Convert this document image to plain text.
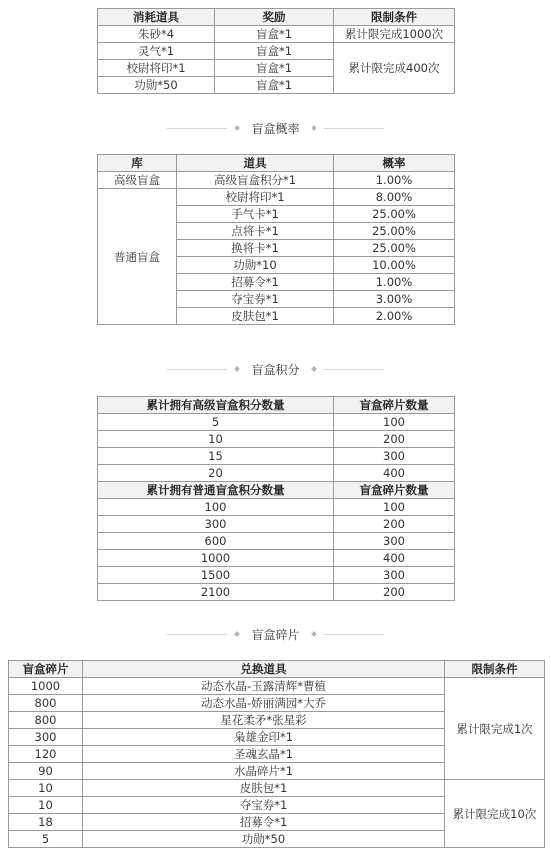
消耗道具	奖励	限制条件
朱砂*4	盲盒*1	累计限完成1000次
灵气*1	盲盒*1	累计限完成400次
校尉将印*1	盲盒*1	
功勋*50	盲盒*1	
盲盒概率
库	道具	概率
高级盲盒	高级盲盒积分*1	1.00%
普通盲盒	校尉将印*1	8.00%
	手气卡*1	25.00%
	点将卡*1	25.00%
	换将卡*1	25.00%
	功勋*10	10.00%
	招募令*1	1.00%
	夺宝券*1	3.00%
	皮肤包*1	2.00%
盲盒积分
累计拥有高级盲盒积分数量	盲盒碎片数量
5	100
10	200
15	300
20	400
累计拥有普通盲盒积分数量	盲盒碎片数量
100	100
300	200
600	300
1000	400
1500	300
2100	200
盲盒碎片
盲盒碎片	兑换道具	限制条件
1000	动态水晶-玉露清辉*曹植	累计限完成1次
800	动态水晶-娇丽满园*大乔	
800	星花柔矛*张星彩	
300	枭雄金印*1	
120	圣魂玄晶*1	
90	水晶碎片*1	
10	皮肤包*1	累计限完成10次
10	夺宝券*1	
18	招募令*1	
5	功勋*50	
